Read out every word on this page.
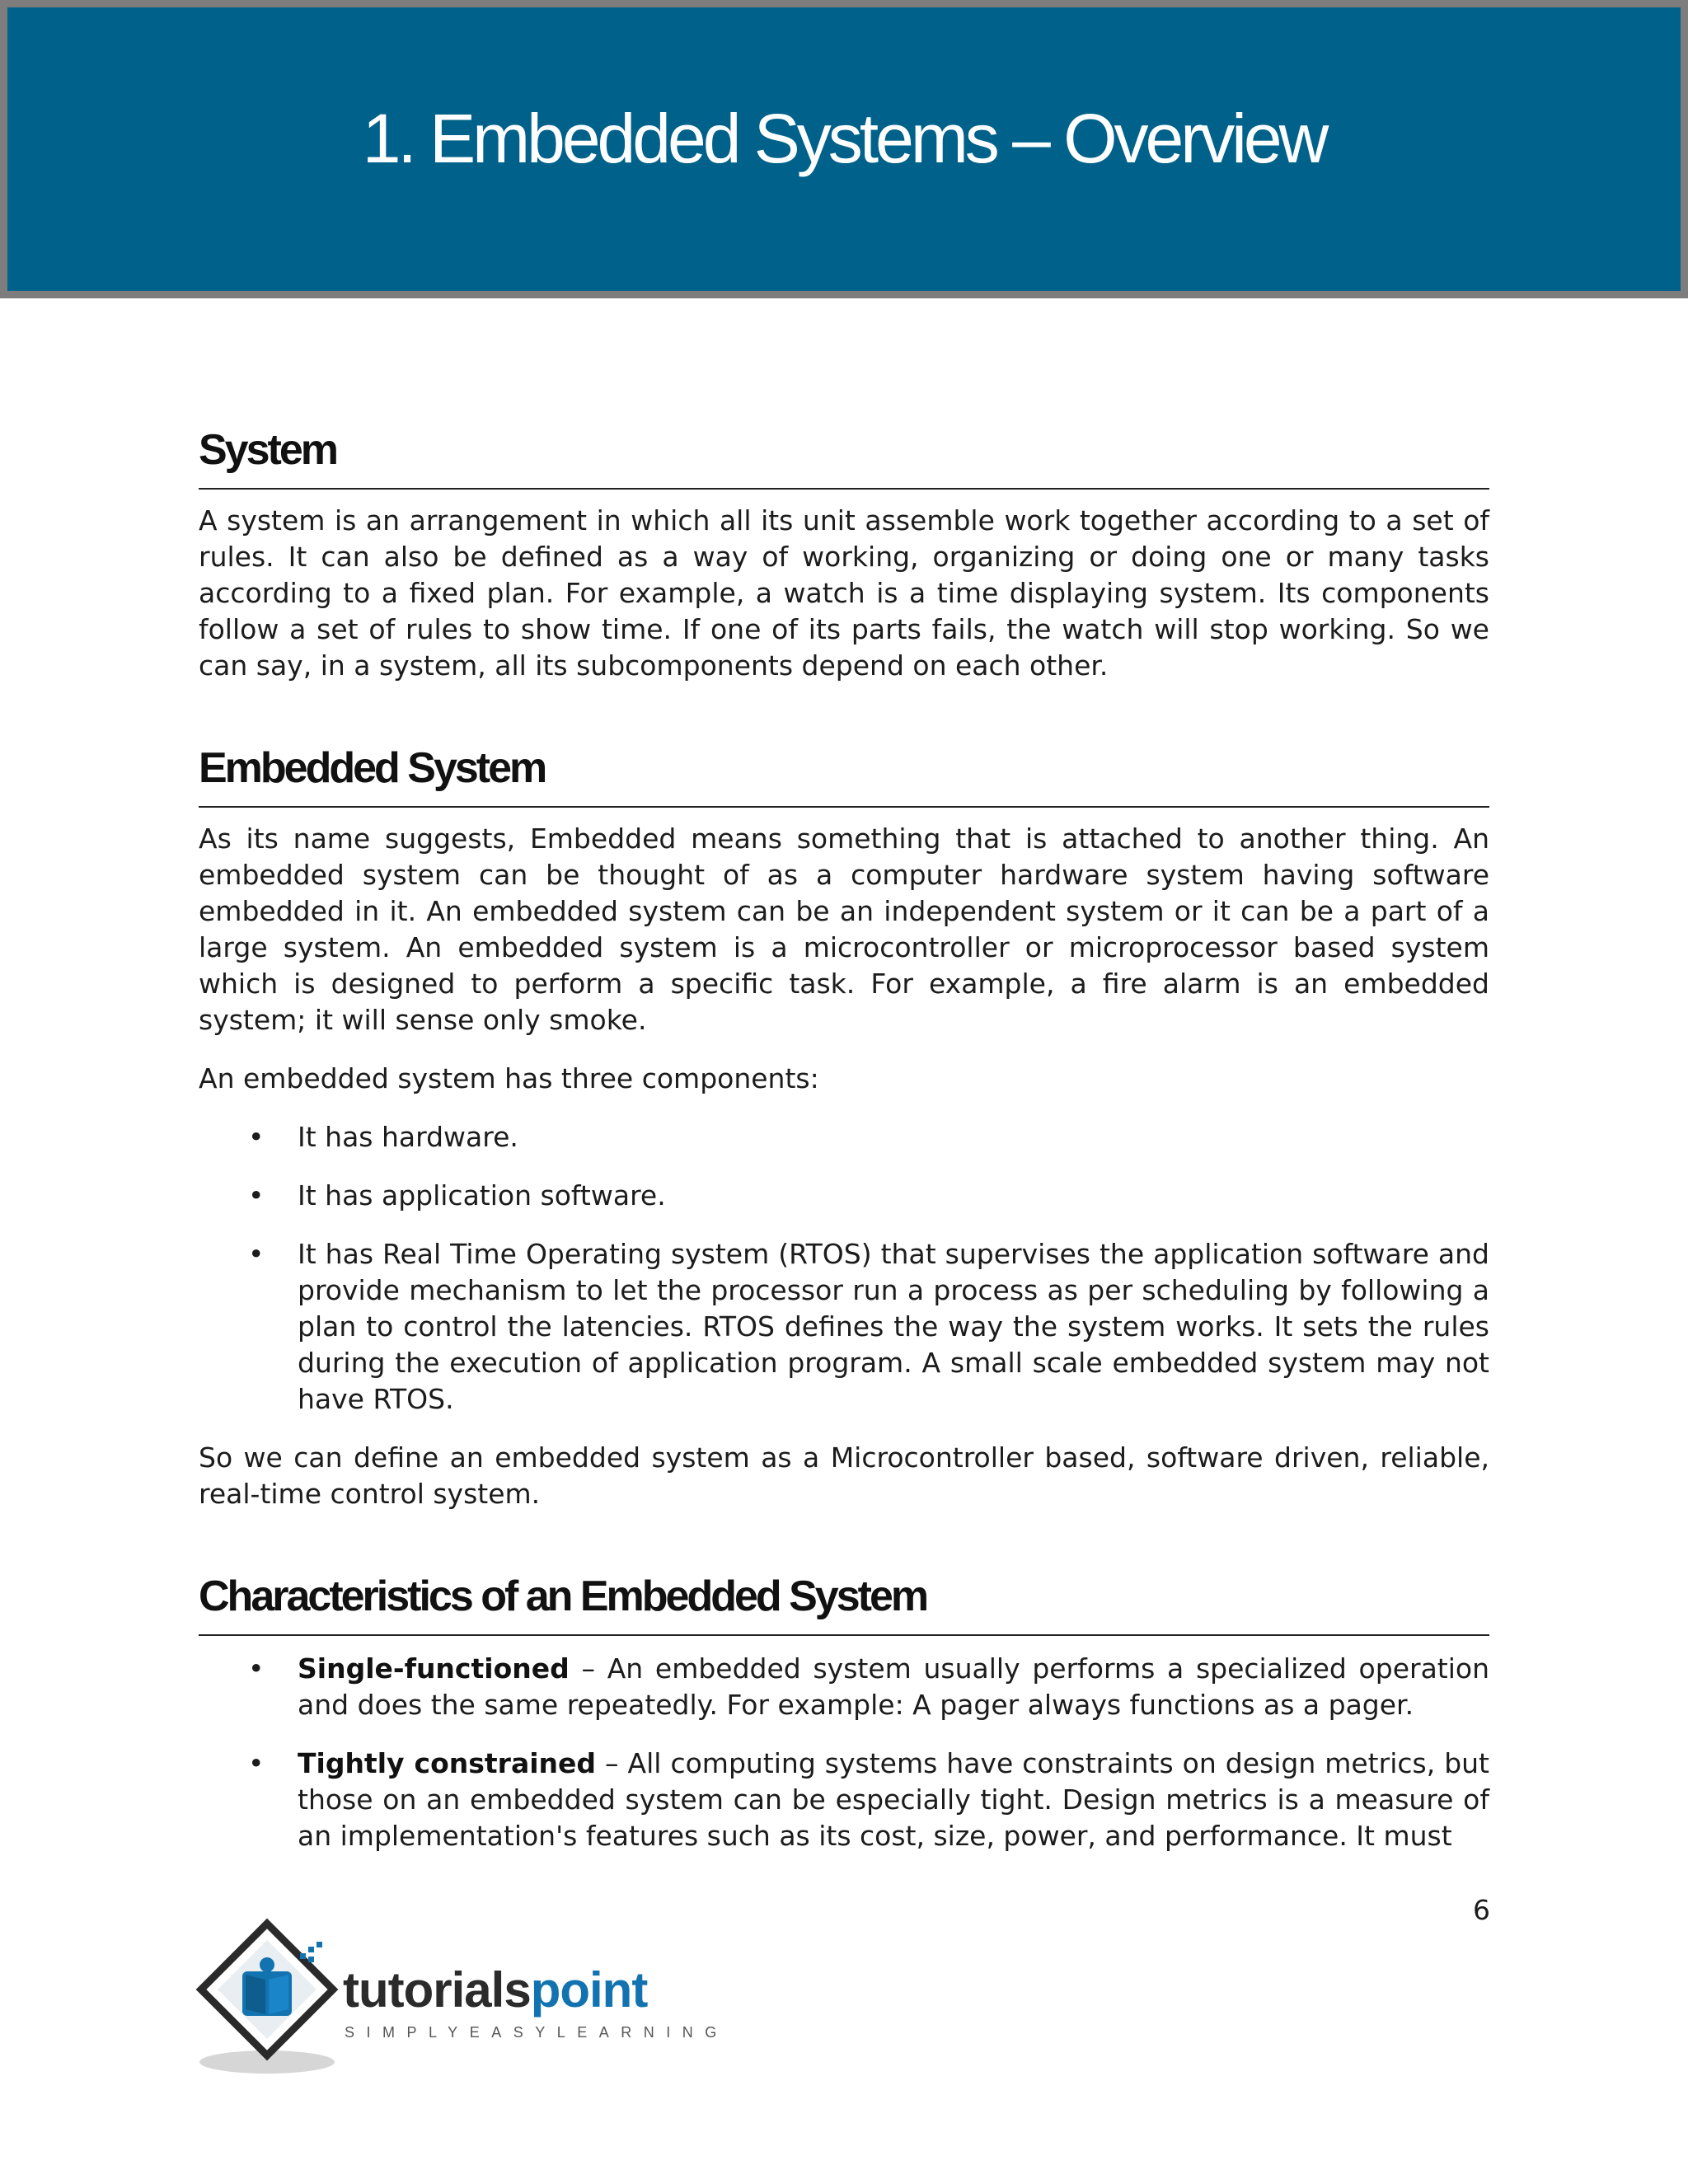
1. Embedded Systems – Overview
System

A system is an arrangement in which all its unit assemble work together according to a set of rules. It can also be defined as a way of working, organizing or doing one or many tasks according to a fixed plan. For example, a watch is a time displaying system. Its components follow a set of rules to show time. If one of its parts fails, the watch will stop working. So we can say, in a system, all its subcomponents depend on each other.

Embedded System

As its name suggests, Embedded means something that is attached to another thing. An embedded system can be thought of as a computer hardware system having software embedded in it. An embedded system can be an independent system or it can be a part of a large system. An embedded system is a microcontroller or microprocessor based system which is designed to perform a specific task. For example, a fire alarm is an embedded system; it will sense only smoke.

An embedded system has three components:

• It has hardware.
• It has application software.
• It has Real Time Operating system (RTOS) that supervises the application software and provide mechanism to let the processor run a process as per scheduling by following a plan to control the latencies. RTOS defines the way the system works. It sets the rules during the execution of application program. A small scale embedded system may not have RTOS.

So we can define an embedded system as a Microcontroller based, software driven, reliable, real-time control system.

Characteristics of an Embedded System
• Single-functioned – An embedded system usually performs a specialized operation and does the same repeatedly. For example: A pager always functions as a pager.
• Tightly constrained – All computing systems have constraints on design metrics, but those on an embedded system can be especially tight. Design metrics is a measure of an implementation's features such as its cost, size, power, and performance. It must
6
tutorialspoint
SIMPLYEASYLEARNING
